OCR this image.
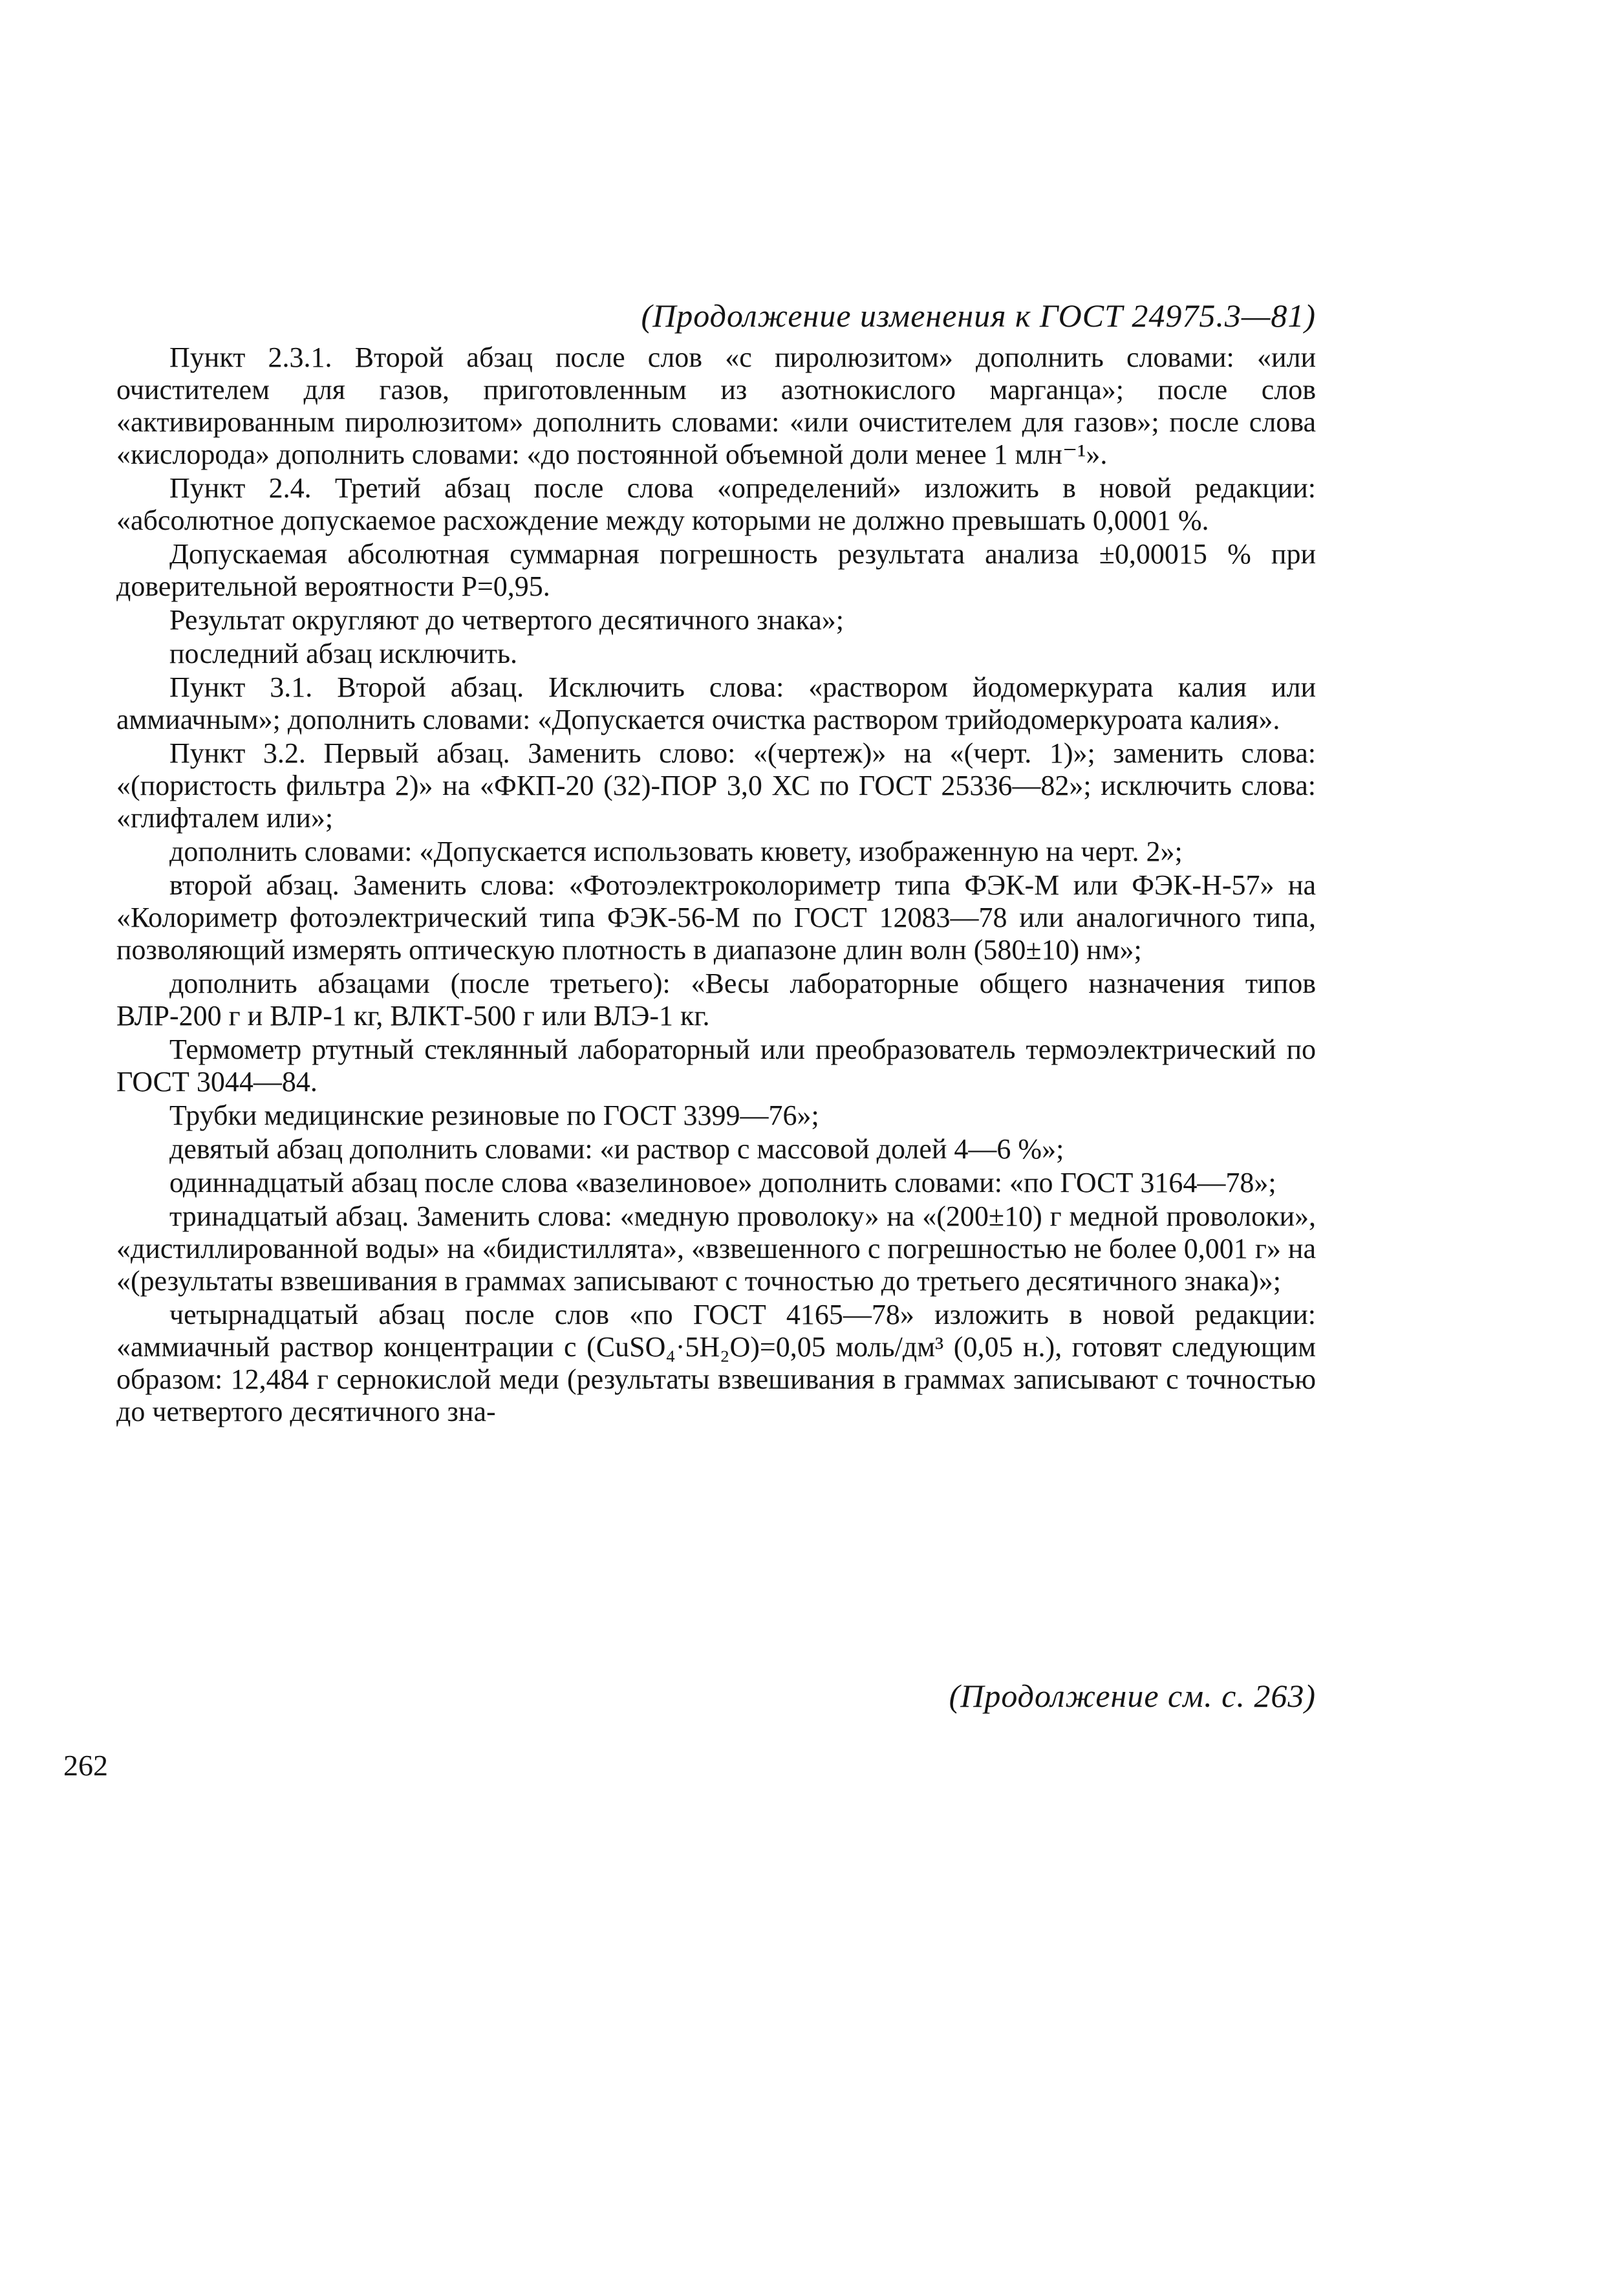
(Продолжение изменения к ГОСТ 24975.3—81)

Пункт 2.3.1. Второй абзац после слов «с пиролюзитом» дополнить словами: «или очистителем для газов, приготовленным из азотнокислого марганца»; после слов «активированным пиролюзитом» дополнить словами: «или очистителем для газов»; после слова «кислорода» дополнить словами: «до постоянной объемной доли менее 1 млн⁻¹».

Пункт 2.4. Третий абзац после слова «определений» изложить в новой редакции: «абсолютное допускаемое расхождение между которыми не должно превышать 0,0001 %.

Допускаемая абсолютная суммарная погрешность результата анализа ±0,00015 % при доверительной вероятности P=0,95.

Результат округляют до четвертого десятичного знака»;

последний абзац исключить.

Пункт 3.1. Второй абзац. Исключить слова: «раствором йодомеркурата калия или аммиачным»; дополнить словами: «Допускается очистка раствором трийодомеркуроата калия».

Пункт 3.2. Первый абзац. Заменить слово: «(чертеж)» на «(черт. 1)»; заменить слова: «(пористость фильтра 2)» на «ФКП-20 (32)-ПОР 3,0 ХС по ГОСТ 25336—82»; исключить слова: «глифталем или»;

дополнить словами: «Допускается использовать кювету, изображенную на черт. 2»;

второй абзац. Заменить слова: «Фотоэлектроколориметр типа ФЭК-М или ФЭК-Н-57» на «Колориметр фотоэлектрический типа ФЭК-56-М по ГОСТ 12083—78 или аналогичного типа, позволяющий измерять оптическую плотность в диапазоне длин волн (580±10) нм»;

дополнить абзацами (после третьего): «Весы лабораторные общего назначения типов ВЛР-200 г и ВЛР-1 кг, ВЛКТ-500 г или ВЛЭ-1 кг.

Термометр ртутный стеклянный лабораторный или преобразователь термоэлектрический по ГОСТ 3044—84.

Трубки медицинские резиновые по ГОСТ 3399—76»;

девятый абзац дополнить словами: «и раствор с массовой долей 4—6 %»;

одиннадцатый абзац после слова «вазелиновое» дополнить словами: «по ГОСТ 3164—78»;

тринадцатый абзац. Заменить слова: «медную проволоку» на «(200±10) г медной проволоки», «дистиллированной воды» на «бидистиллята», «взвешенного с погрешностью не более 0,001 г» на «(результаты взвешивания в граммах записывают с точностью до третьего десятичного знака)»;

четырнадцатый абзац после слов «по ГОСТ 4165—78» изложить в новой редакции: «аммиачный раствор концентрации c (CuSO₄·5H₂O)=0,05 моль/дм³ (0,05 н.), готовят следующим образом: 12,484 г сернокислой меди (результаты взвешивания в граммах записывают с точностью до четвертого десятичного зна-

(Продолжение см. с. 263)
262
